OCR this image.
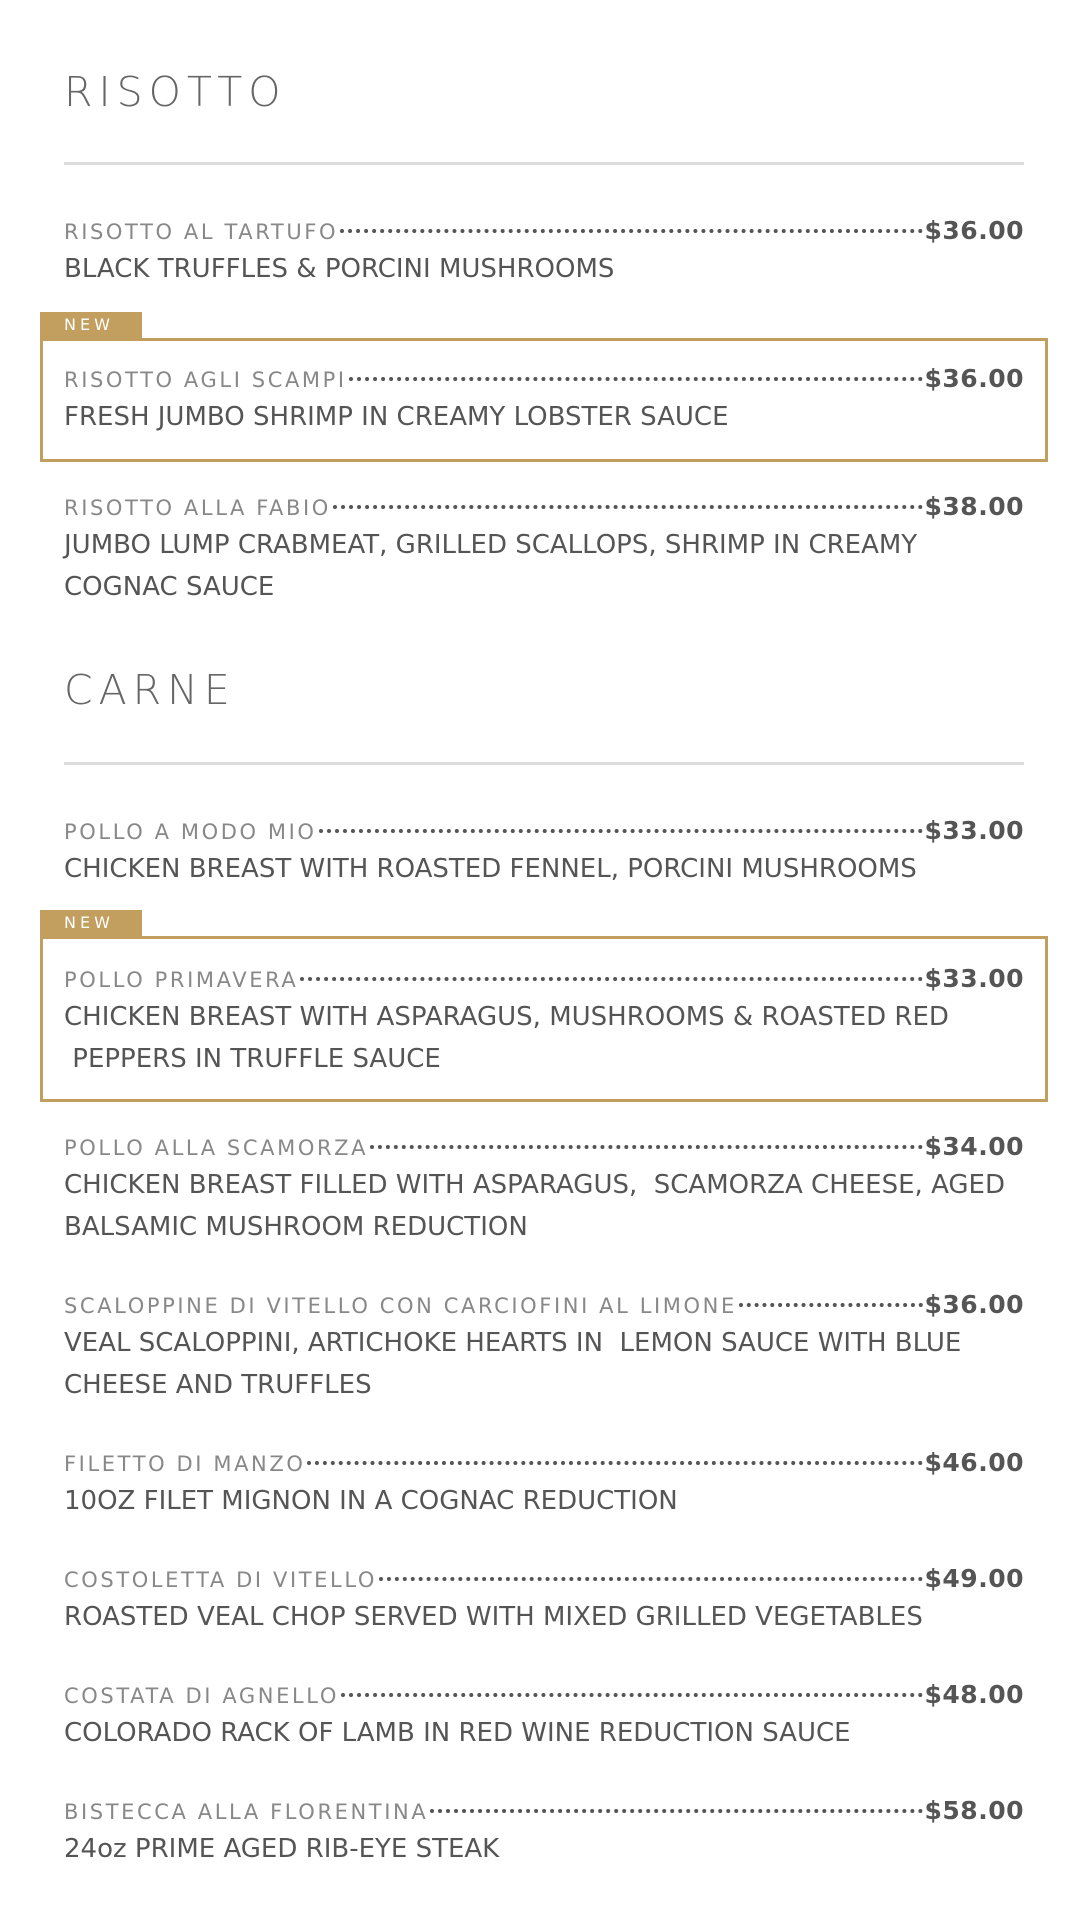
RISOTTO
RISOTTO AL TARTUFO	$36.00

BLACK TRUFFLES & PORCINI MUSHROOMS

NEW
RISOTTO AGLI SCAMPI	$36.00

FRESH JUMBO SHRIMP IN CREAMY LOBSTER SAUCE

RISOTTO ALLA FABIO	$38.00

JUMBO LUMP CRABMEAT, GRILLED SCALLOPS, SHRIMP IN CREAMY
COGNAC SAUCE

CARNE
POLLO A MODO MIO	$33.00

CHICKEN BREAST WITH ROASTED FENNEL, PORCINI MUSHROOMS

NEW
POLLO PRIMAVERA	$33.00

CHICKEN BREAST WITH ASPARAGUS, MUSHROOMS & ROASTED RED
PEPPERS IN TRUFFLE SAUCE

POLLO ALLA SCAMORZA	$34.00

CHICKEN BREAST FILLED WITH ASPARAGUS,  SCAMORZA CHEESE, AGED
BALSAMIC MUSHROOM REDUCTION

SCALOPPINE DI VITELLO CON CARCIOFINI AL LIMONE	$36.00

VEAL SCALOPPINI, ARTICHOKE HEARTS IN  LEMON SAUCE WITH BLUE
CHEESE AND TRUFFLES

FILETTO DI MANZO	$46.00

10OZ FILET MIGNON IN A COGNAC REDUCTION

COSTOLETTA DI VITELLO	$49.00

ROASTED VEAL CHOP SERVED WITH MIXED GRILLED VEGETABLES

COSTATA DI AGNELLO	$48.00

COLORADO RACK OF LAMB IN RED WINE REDUCTION SAUCE

BISTECCA ALLA FLORENTINA	$58.00

24oz PRIME AGED RIB-EYE STEAK
